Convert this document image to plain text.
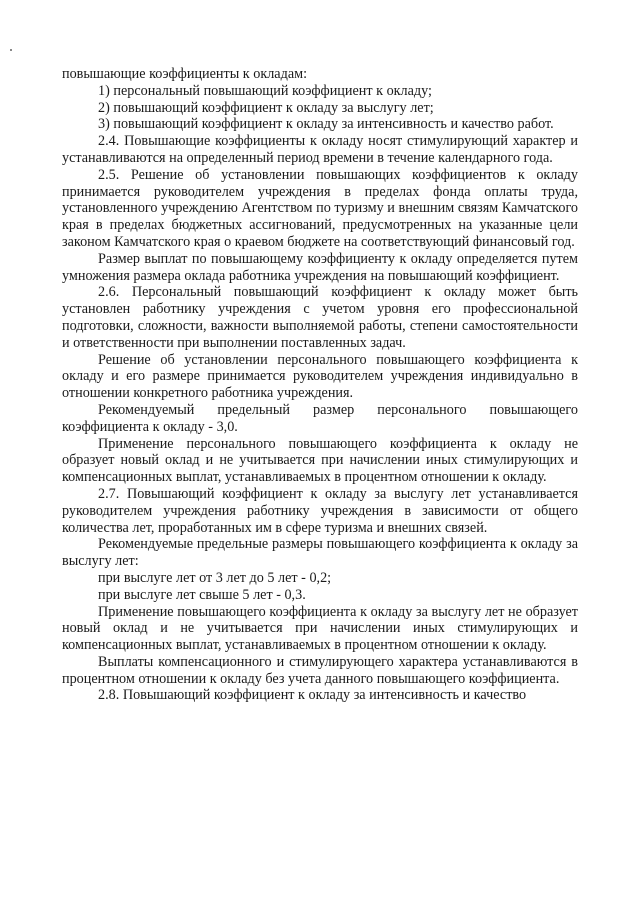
повышающие коэффициенты к окладам:

1) персональный повышающий коэффициент к окладу;

2) повышающий коэффициент к окладу за выслугу лет;

3) повышающий коэффициент к окладу за интенсивность и качество работ.

2.4. Повышающие коэффициенты к окладу носят стимулирующий характер и устанавливаются на определенный период времени в течение календарного года.

2.5. Решение об установлении повышающих коэффициентов к окладу принимается руководителем учреждения в пределах фонда оплаты труда, установленного учреждению Агентством по туризму и внешним связям Камчатского края в пределах бюджетных ассигнований, предусмотренных на указанные цели законом Камчатского края о краевом бюджете на соответствующий финансовый год.

Размер выплат по повышающему коэффициенту к окладу определяется путем умножения размера оклада работника учреждения на повышающий коэффициент.

2.6. Персональный повышающий коэффициент к окладу может быть установлен работнику учреждения с учетом уровня его профессиональной подготовки, сложности, важности выполняемой работы, степени самостоятельности и ответственности при выполнении поставленных задач.

Решение об установлении персонального повышающего коэффициента к окладу и его размере принимается руководителем учреждения индивидуально в отношении конкретного работника учреждения.

Рекомендуемый предельный размер персонального повышающего коэффициента к окладу - 3,0.

Применение персонального повышающего коэффициента к окладу не образует новый оклад и не учитывается при начислении иных стимулирующих и компенсационных выплат, устанавливаемых в процентном отношении к окладу.

2.7. Повышающий коэффициент к окладу за выслугу лет устанавливается руководителем учреждения работнику учреждения в зависимости от общего количества лет, проработанных им в сфере туризма и внешних связей.

Рекомендуемые предельные размеры повышающего коэффициента к окладу за выслугу лет:

при выслуге лет от 3 лет до 5 лет - 0,2;

при выслуге лет свыше 5 лет - 0,3.

Применение повышающего коэффициента к окладу за выслугу лет не образует новый оклад и не учитывается при начислении иных стимулирующих и компенсационных выплат, устанавливаемых в процентном отношении к окладу.

Выплаты компенсационного и стимулирующего характера устанавливаются в процентном отношении к окладу без учета данного повышающего коэффициента.

2.8. Повышающий коэффициент к окладу за интенсивность и качество
